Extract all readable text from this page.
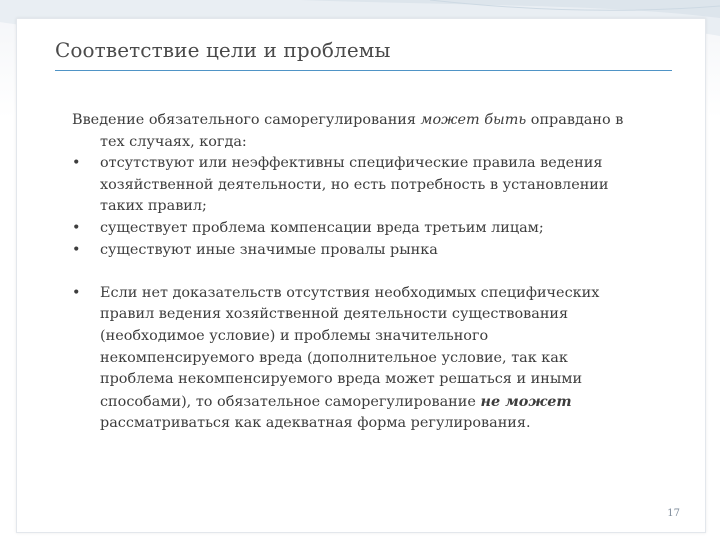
Соответствие цели и проблемы

Введение обязательного саморегулирования может быть оправдано в тех случаях, когда:

•	отсутствуют или неэффективны специфические правила ведения хозяйственной деятельности, но есть потребность в установлении таких правил;
•	существует проблема компенсации вреда третьим лицам;
•	существуют иные значимые провалы рынка
•	Если нет доказательств отсутствия необходимых специфических правил ведения хозяйственной деятельности существования (необходимое условие) и проблемы значительного некомпенсируемого вреда (дополнительное условие, так как проблема некомпенсируемого вреда может решаться и иными способами), то обязательное саморегулирование не может рассматриваться как адекватная форма регулирования.
17
